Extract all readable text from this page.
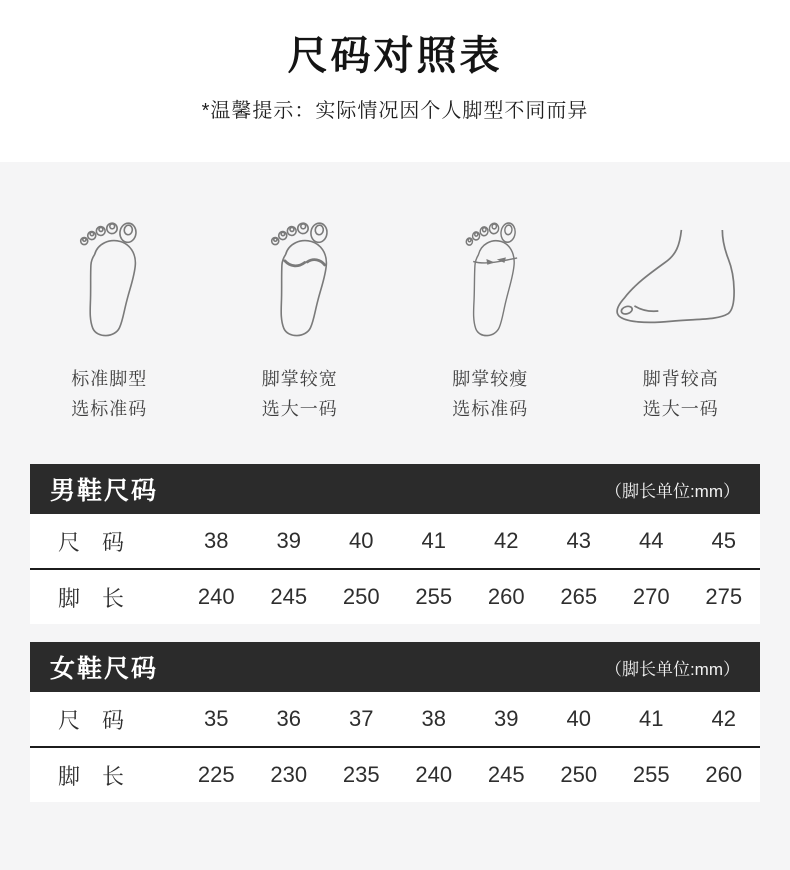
尺码对照表

*温馨提示：实际情况因个人脚型不同而异

标准脚型
选标准码
脚掌较宽
选大一码
脚掌较瘦
选标准码
脚背较高
选大一码
男鞋尺码	（脚长单位:mm）
尺　码	38	39	40	41	42	43	44	45
脚　长	240	245	250	255	260	265	270	275
女鞋尺码	（脚长单位:mm）
尺　码	35	36	37	38	39	40	41	42
脚　长	225	230	235	240	245	250	255	260
